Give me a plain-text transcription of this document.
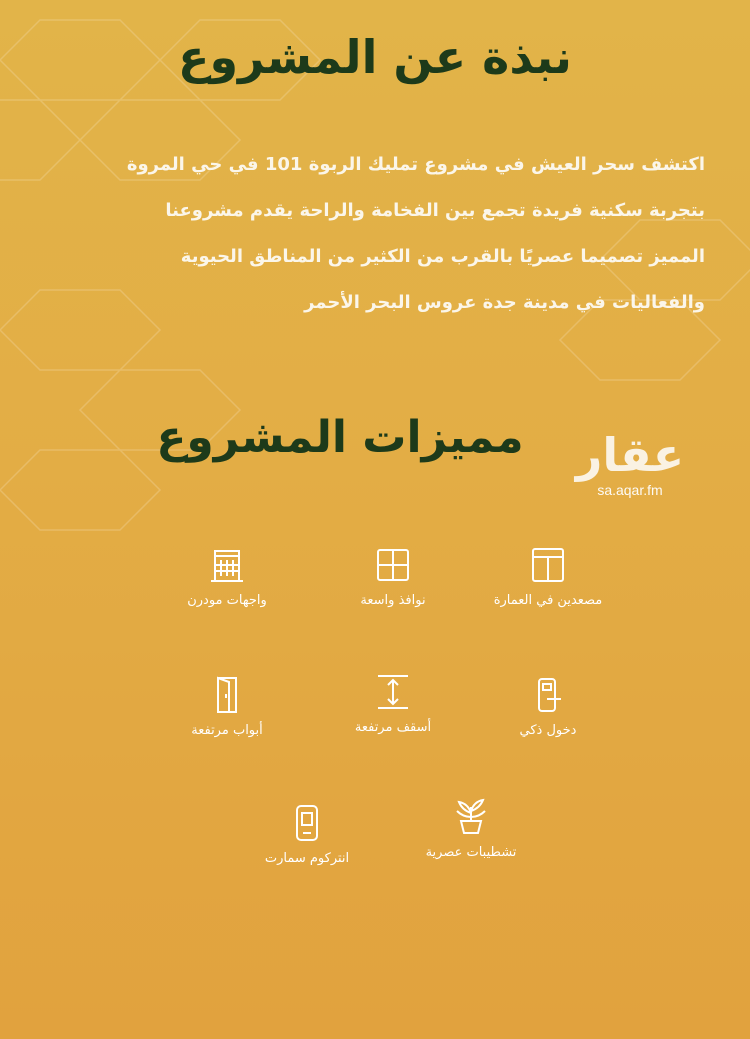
نبذة عن المشروع

اكتشف سحر العيش في مشروع تمليك الربوة 101 في حي المروة

بتجربة سكنية فريدة تجمع بين الفخامة والراحة يقدم مشروعنا

المميز تصميما عصريًا بالقرب من الكثير من المناطق الحيوية

والفعاليات في مدينة جدة عروس البحر الأحمر

مميزات المشروع	عقار
sa.aqar.fm
مصعدين في العمارة
نوافذ واسعة
واجهات مودرن
دخول ذكي
أسقف مرتفعة
أبواب مرتفعة
تشطيبات عصرية
انتركوم سمارت
